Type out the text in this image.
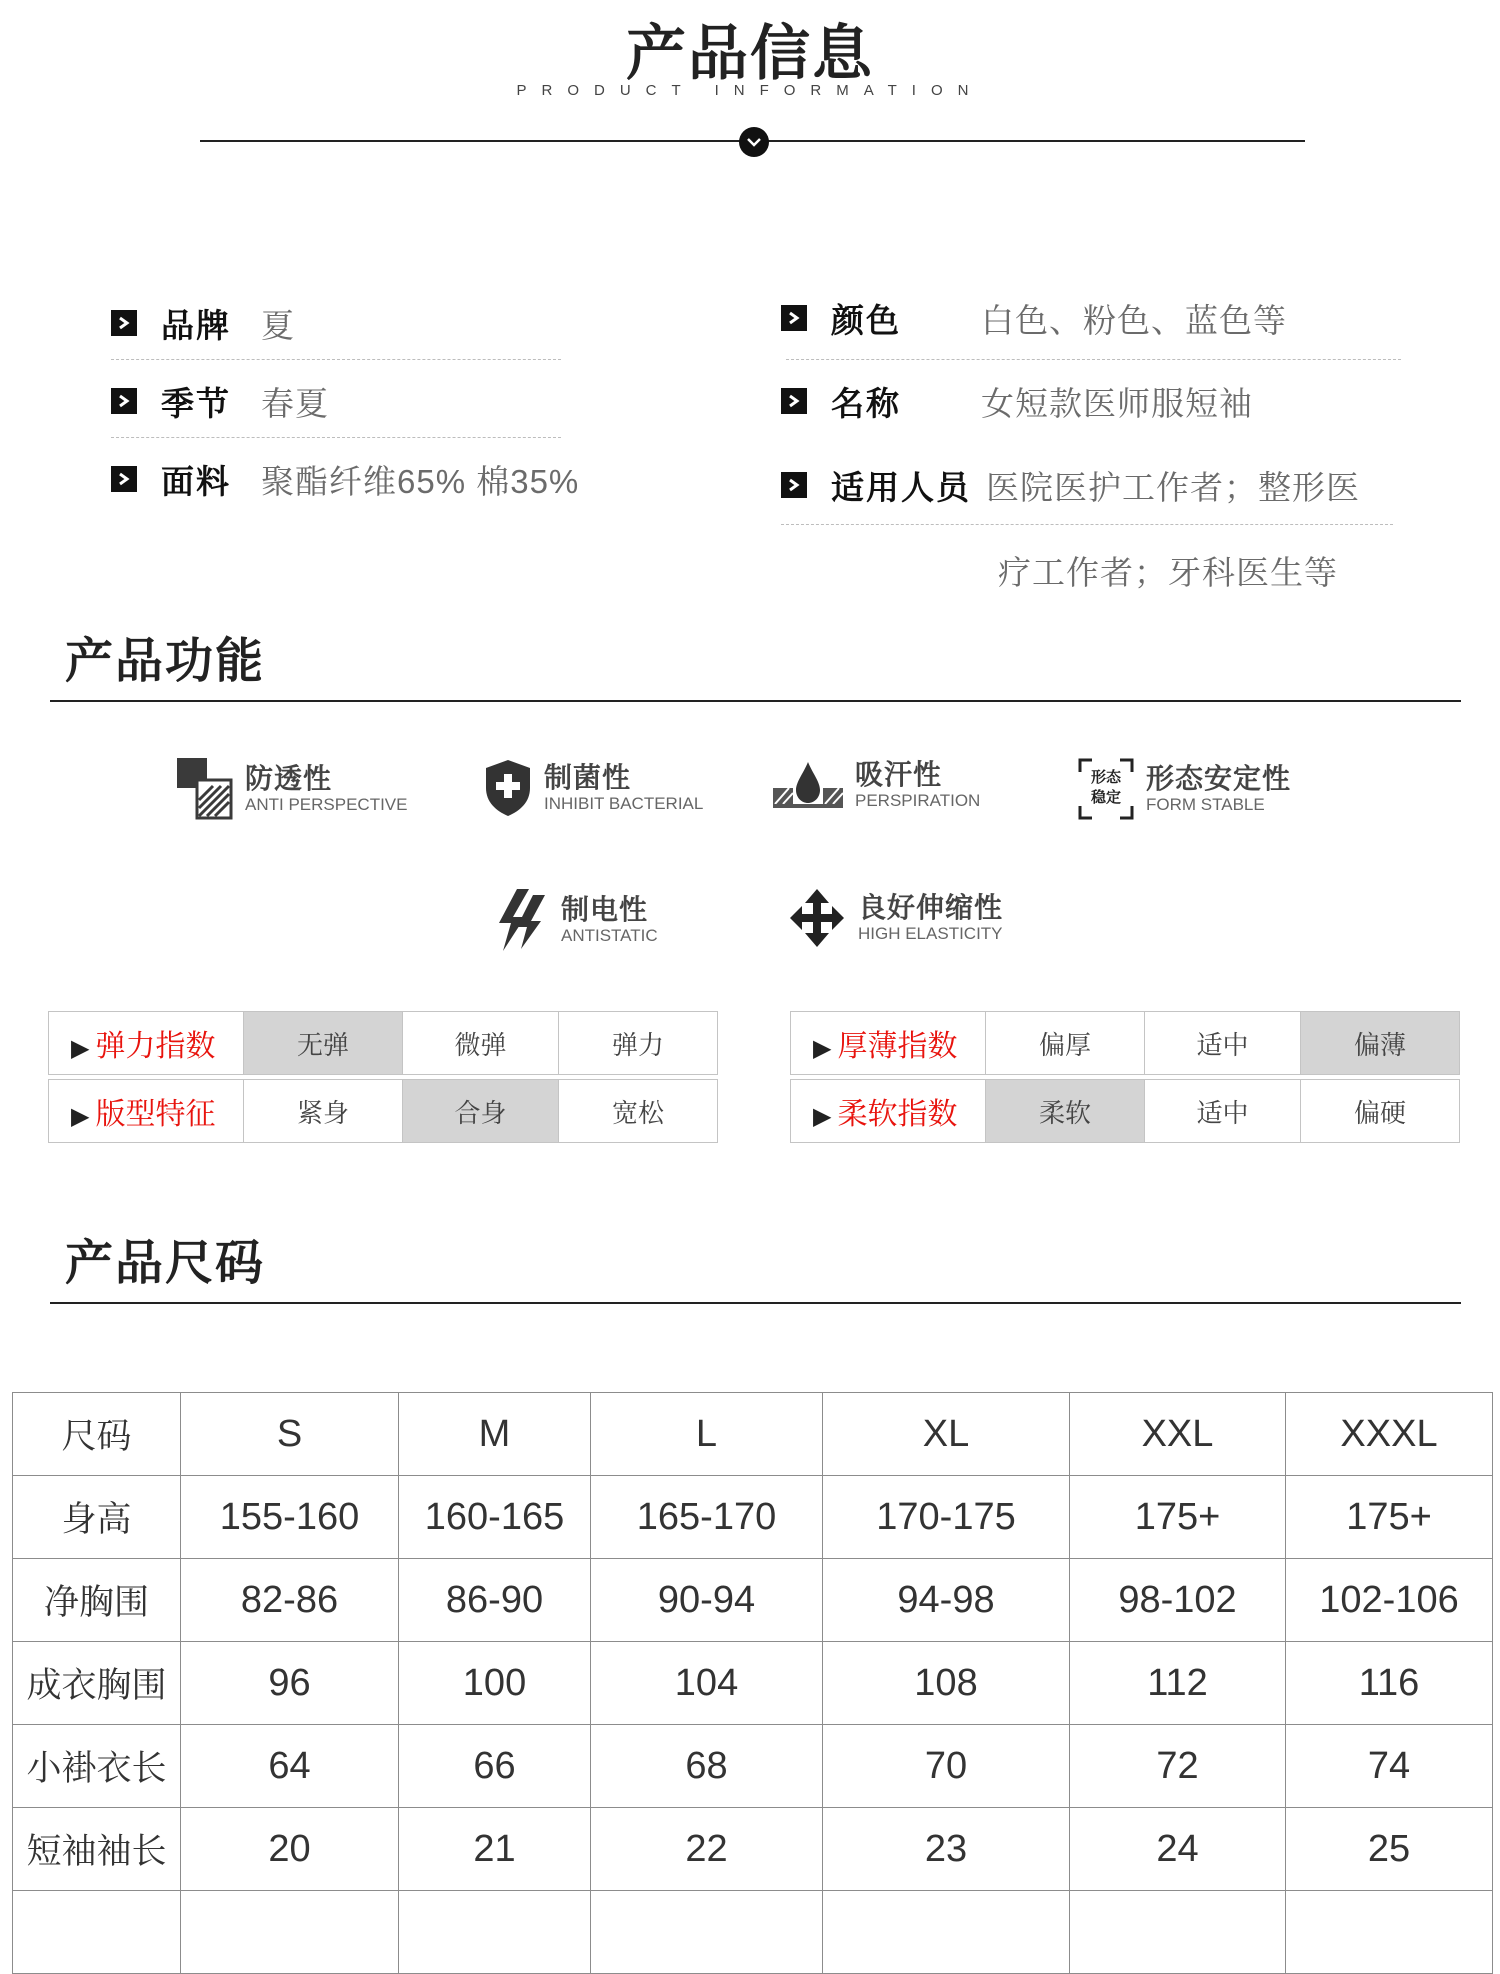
产品信息
PRODUCT INFORMATION
品牌 夏
季节 春夏
面料 聚酯纤维65% 棉35%
颜色	白色、粉色、蓝色等
名称	女短款医师服短袖
适用人员 医院医护工作者；整形医
疗工作者；牙科医生等
产品功能
防透性
ANTI PERSPECTIVE
制菌性
INHIBIT BACTERIAL
吸汗性
PERSPIRATION
形态
稳定
形态安定性
FORM STABLE
制电性
ANTISTATIC
良好伸缩性
HIGH ELASTICITY
▶ 弹力指数	无弹	微弹	弹力

▶ 版型特征	紧身	合身	宽松
▶ 厚薄指数	偏厚	适中	偏薄

▶ 柔软指数	柔软	适中	偏硬
产品尺码
尺码	S	M	L	XL	XXL	XXXL
身高	155-160	160-165	165-170	170-175	175+	175+
净胸围	82-86	86-90	90-94	94-98	98-102	102-106
成衣胸围	96	100	104	108	112	116
小褂衣长	64	66	68	70	72	74
短袖袖长	20	21	22	23	24	25
